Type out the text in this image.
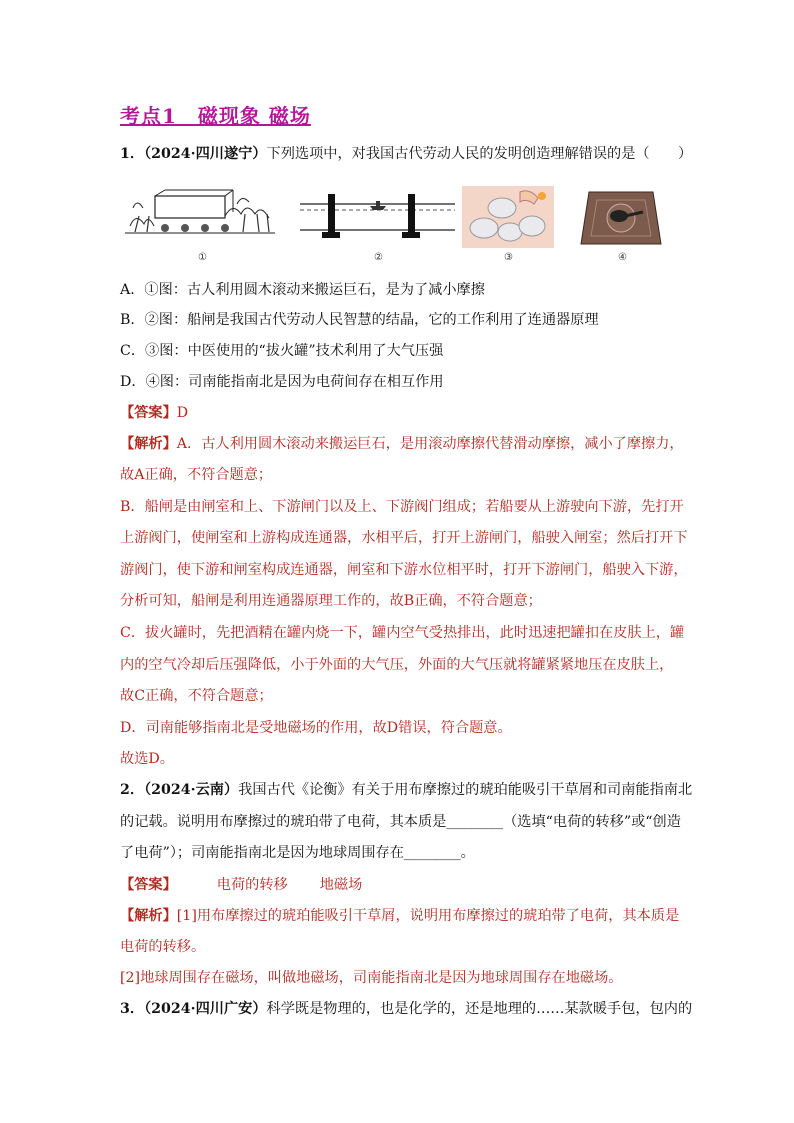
考点1　磁现象 磁场
1．（2024·四川遂宁）下列选项中，对我国古代劳动人民的发明创造理解错误的是（　　）
①	②	③	④
A．①图：古人利用圆木滚动来搬运巨石，是为了减小摩擦
B．②图：船闸是我国古代劳动人民智慧的结晶，它的工作利用了连通器原理
C．③图：中医使用的“拔火罐”技术利用了大气压强
D．④图：司南能指南北是因为电荷间存在相互作用
【答案】D
【解析】A．古人利用圆木滚动来搬运巨石，是用滚动摩擦代替滑动摩擦，减小了摩擦力，
故A正确，不符合题意；
B．船闸是由闸室和上、下游闸门以及上、下游阀门组成；若船要从上游驶向下游，先打开
上游阀门，使闸室和上游构成连通器，水相平后，打开上游闸门，船驶入闸室；然后打开下
游阀门，使下游和闸室构成连通器，闸室和下游水位相平时，打开下游闸门，船驶入下游，
分析可知，船闸是利用连通器原理工作的，故B正确，不符合题意；
C．拔火罐时，先把酒精在罐内烧一下，罐内空气受热排出，此时迅速把罐扣在皮肤上，罐
内的空气冷却后压强降低，小于外面的大气压，外面的大气压就将罐紧紧地压在皮肤上，
故C正确，不符合题意；
D．司南能够指南北是受地磁场的作用，故D错误，符合题意。
故选D。
2．（2024·云南）我国古代《论衡》有关于用布摩擦过的琥珀能吸引干草屑和司南能指南北
的记载。说明用布摩擦过的琥珀带了电荷，其本质是________（选填“电荷的转移”或“创造
了电荷”）；司南能指南北是因为地球周围存在________。
【答案】	电荷的转移 地磁场
【解析】[1]用布摩擦过的琥珀能吸引干草屑，说明用布摩擦过的琥珀带了电荷，其本质是
电荷的转移。
[2]地球周围存在磁场，叫做地磁场，司南能指南北是因为地球周围存在地磁场。
3．（2024·四川广安）科学既是物理的，也是化学的，还是地理的……某款暖手包，包内的
